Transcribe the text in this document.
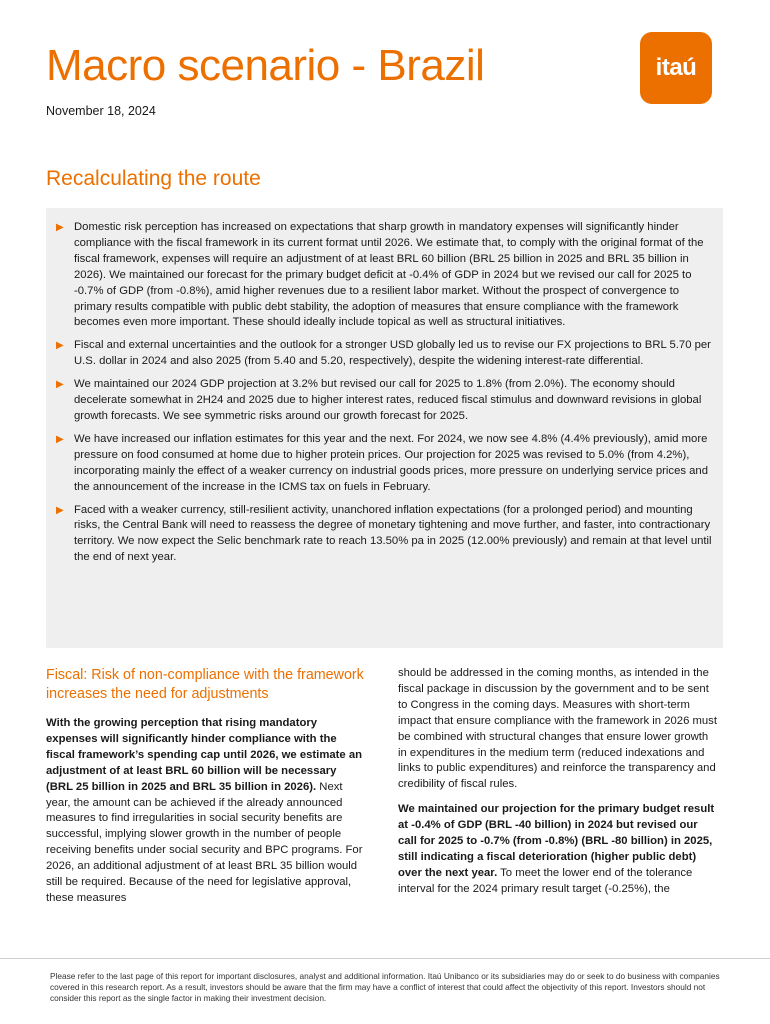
Macro scenario - Brazil
November 18, 2024
itaú
Recalculating the route
▶ Domestic risk perception has increased on expectations that sharp growth in mandatory expenses will significantly hinder compliance with the fiscal framework in its current format until 2026. We estimate that, to comply with the original format of the fiscal framework, expenses will require an adjustment of at least BRL 60 billion (BRL 25 billion in 2025 and BRL 35 billion in 2026). We maintained our forecast for the primary budget deficit at -0.4% of GDP in 2024 but we revised our call for 2025 to -0.7% of GDP (from -0.8%), amid higher revenues due to a resilient labor market. Without the prospect of convergence to primary results compatible with public debt stability, the adoption of measures that ensure compliance with the framework becomes even more important. These should ideally include topical as well as structural initiatives.
▶ Fiscal and external uncertainties and the outlook for a stronger USD globally led us to revise our FX projections to BRL 5.70 per U.S. dollar in 2024 and also 2025 (from 5.40 and 5.20, respectively), despite the widening interest-rate differential.
▶ We maintained our 2024 GDP projection at 3.2% but revised our call for 2025 to 1.8% (from 2.0%). The economy should decelerate somewhat in 2H24 and 2025 due to higher interest rates, reduced fiscal stimulus and downward revisions in global growth forecasts. We see symmetric risks around our growth forecast for 2025.
▶ We have increased our inflation estimates for this year and the next. For 2024, we now see 4.8% (4.4% previously), amid more pressure on food consumed at home due to higher protein prices. Our projection for 2025 was revised to 5.0% (from 4.2%), incorporating mainly the effect of a weaker currency on industrial goods prices, more pressure on underlying service prices and the announcement of the increase in the ICMS tax on fuels in February.
▶ Faced with a weaker currency, still-resilient activity, unanchored inflation expectations (for a prolonged period) and mounting risks, the Central Bank will need to reassess the degree of monetary tightening and move further, and faster, into contractionary territory. We now expect the Selic benchmark rate to reach 13.50% pa in 2025 (12.00% previously) and remain at that level until the end of next year.
Fiscal: Risk of non-compliance with the framework increases the need for adjustments

With the growing perception that rising mandatory expenses will significantly hinder compliance with the fiscal framework’s spending cap until 2026, we estimate an adjustment of at least BRL 60 billion will be necessary (BRL 25 billion in 2025 and BRL 35 billion in 2026). Next year, the amount can be achieved if the already announced measures to find irregularities in social security benefits are successful, implying slower growth in the number of people receiving benefits under social security and BPC programs. For 2026, an additional adjustment of at least BRL 35 billion would still be required. Because of the need for legislative approval, these measures

should be addressed in the coming months, as intended in the fiscal package in discussion by the government and to be sent to Congress in the coming days. Measures with short-term impact that ensure compliance with the framework in 2026 must be combined with structural changes that ensure lower growth in expenditures in the medium term (reduced indexations and links to public expenditures) and reinforce the transparency and credibility of fiscal rules.

We maintained our projection for the primary budget result at -0.4% of GDP (BRL -40 billion) in 2024 but revised our call for 2025 to -0.7% (from -0.8%) (BRL -80 billion) in 2025, still indicating a fiscal deterioration (higher public debt) over the next year. To meet the lower end of the tolerance interval for the 2024 primary result target (-0.25%), the

Please refer to the last page of this report for important disclosures, analyst and additional information. Itaú Unibanco or its subsidiaries may do or seek to do business with companies covered in this research report. As a result, investors should be aware that the firm may have a conflict of interest that could affect the objectivity of this report. Investors should not consider this report as the single factor in making their investment decision.
